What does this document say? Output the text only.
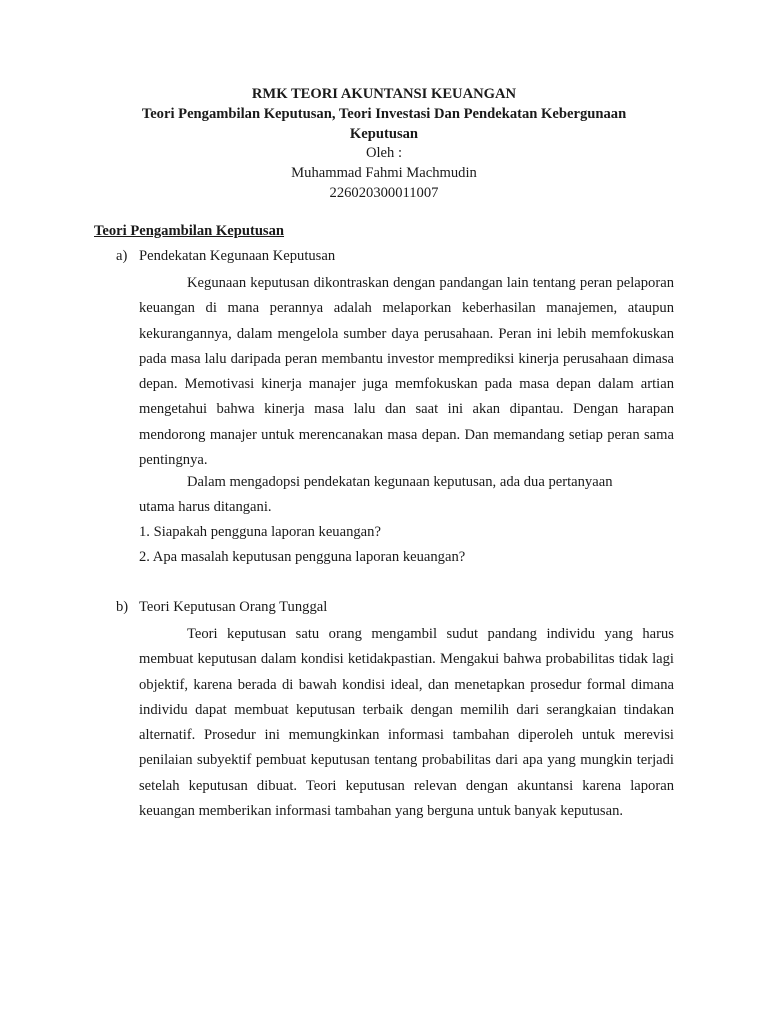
RMK TEORI AKUNTANSI KEUANGAN
Teori Pengambilan Keputusan, Teori Investasi Dan Pendekatan Kebergunaan Keputusan
Oleh :
Muhammad Fahmi Machmudin
226020300011007
Teori Pengambilan Keputusan
a) Pendekatan Kegunaan Keputusan

Kegunaan keputusan dikontraskan dengan pandangan lain tentang peran pelaporan keuangan di mana perannya adalah melaporkan keberhasilan manajemen, ataupun kekurangannya, dalam mengelola sumber daya perusahaan. Peran ini lebih memfokuskan pada masa lalu daripada peran membantu investor memprediksi kinerja perusahaan dimasa depan. Memotivasi kinerja manajer juga memfokuskan pada masa depan dalam artian mengetahui bahwa kinerja masa lalu dan saat ini akan dipantau. Dengan harapan mendorong manajer untuk merencanakan masa depan. Dan memandang setiap peran sama pentingnya.

Dalam mengadopsi pendekatan kegunaan keputusan, ada dua pertanyaan
utama harus ditangani.
1. Siapakah pengguna laporan keuangan?
2. Apa masalah keputusan pengguna laporan keuangan?
b) Teori Keputusan Orang Tunggal

Teori keputusan satu orang mengambil sudut pandang individu yang harus membuat keputusan dalam kondisi ketidakpastian. Mengakui bahwa probabilitas tidak lagi objektif, karena berada di bawah kondisi ideal, dan menetapkan prosedur formal dimana individu dapat membuat keputusan terbaik dengan memilih dari serangkaian tindakan alternatif. Prosedur ini memungkinkan informasi tambahan diperoleh untuk merevisi penilaian subyektif pembuat keputusan tentang probabilitas dari apa yang mungkin terjadi setelah keputusan dibuat. Teori keputusan relevan dengan akuntansi karena laporan keuangan memberikan informasi tambahan yang berguna untuk banyak keputusan.
